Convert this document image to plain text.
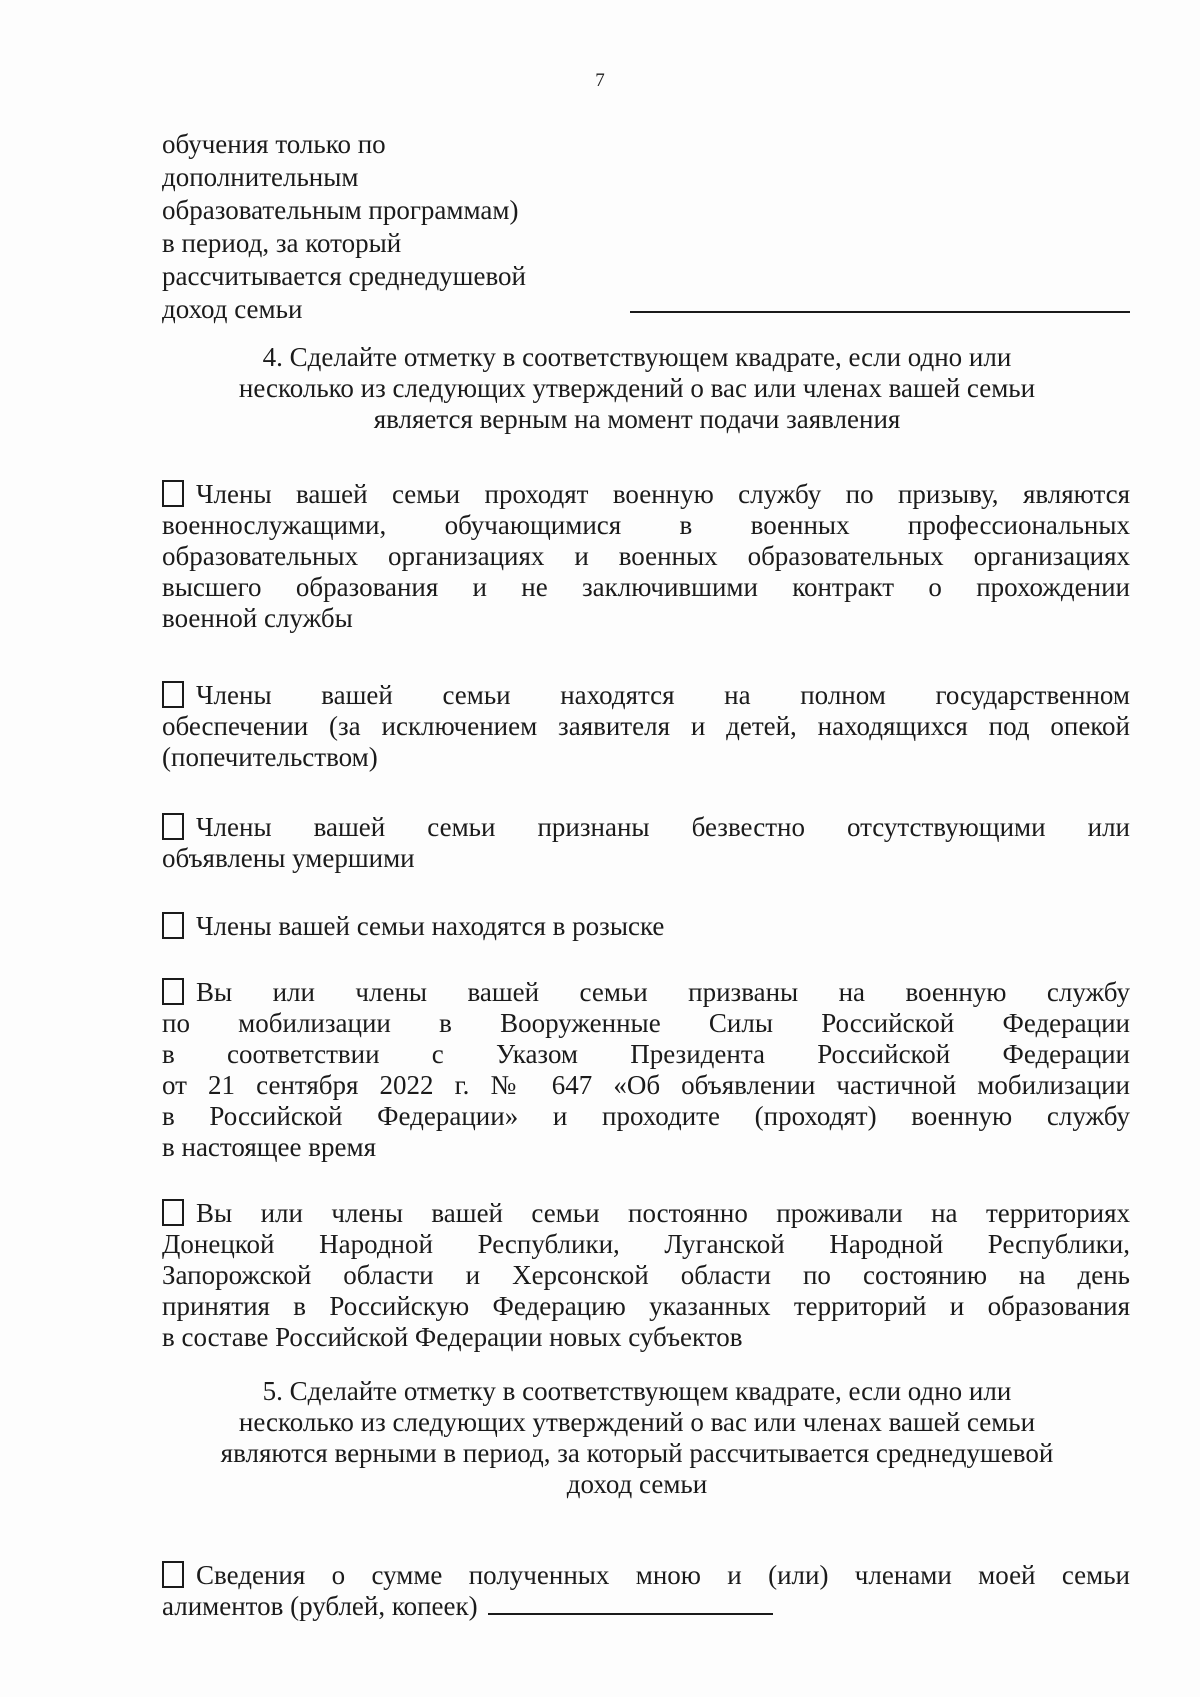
7
обучения только по
дополнительным
образовательным программам)
в период, за который
рассчитывается среднедушевой
доход семьи
4. Сделайте отметку в соответствующем квадрате, если одно или
несколько из следующих утверждений о вас или членах вашей семьи
является верным на момент подачи заявления
Члены вашей семьи проходят военную службу по призыву, являются
военнослужащими, обучающимися в военных профессиональных
образовательных организациях и военных образовательных организациях
высшего образования и не заключившими контракт о прохождении
военной службы
Члены вашей семьи находятся на полном государственном
обеспечении (за исключением заявителя и детей, находящихся под опекой
(попечительством)
Члены вашей семьи признаны безвестно отсутствующими или
объявлены умершими
Члены вашей семьи находятся в розыске
Вы или члены вашей семьи призваны на военную службу
по мобилизации в Вооруженные Силы Российской Федерации
в соответствии с Указом Президента Российской Федерации
от 21 сентября 2022 г. № 647 «Об объявлении частичной мобилизации
в Российской Федерации» и проходите (проходят) военную службу
в настоящее время
Вы или члены вашей семьи постоянно проживали на территориях
Донецкой Народной Республики, Луганской Народной Республики,
Запорожской области и Херсонской области по состоянию на день
принятия в Российскую Федерацию указанных территорий и образования
в составе Российской Федерации новых субъектов
5. Сделайте отметку в соответствующем квадрате, если одно или
несколько из следующих утверждений о вас или членах вашей семьи
являются верными в период, за который рассчитывается среднедушевой
доход семьи
Сведения о сумме полученных мною и (или) членами моей семьи
алиментов (рублей, копеек)
